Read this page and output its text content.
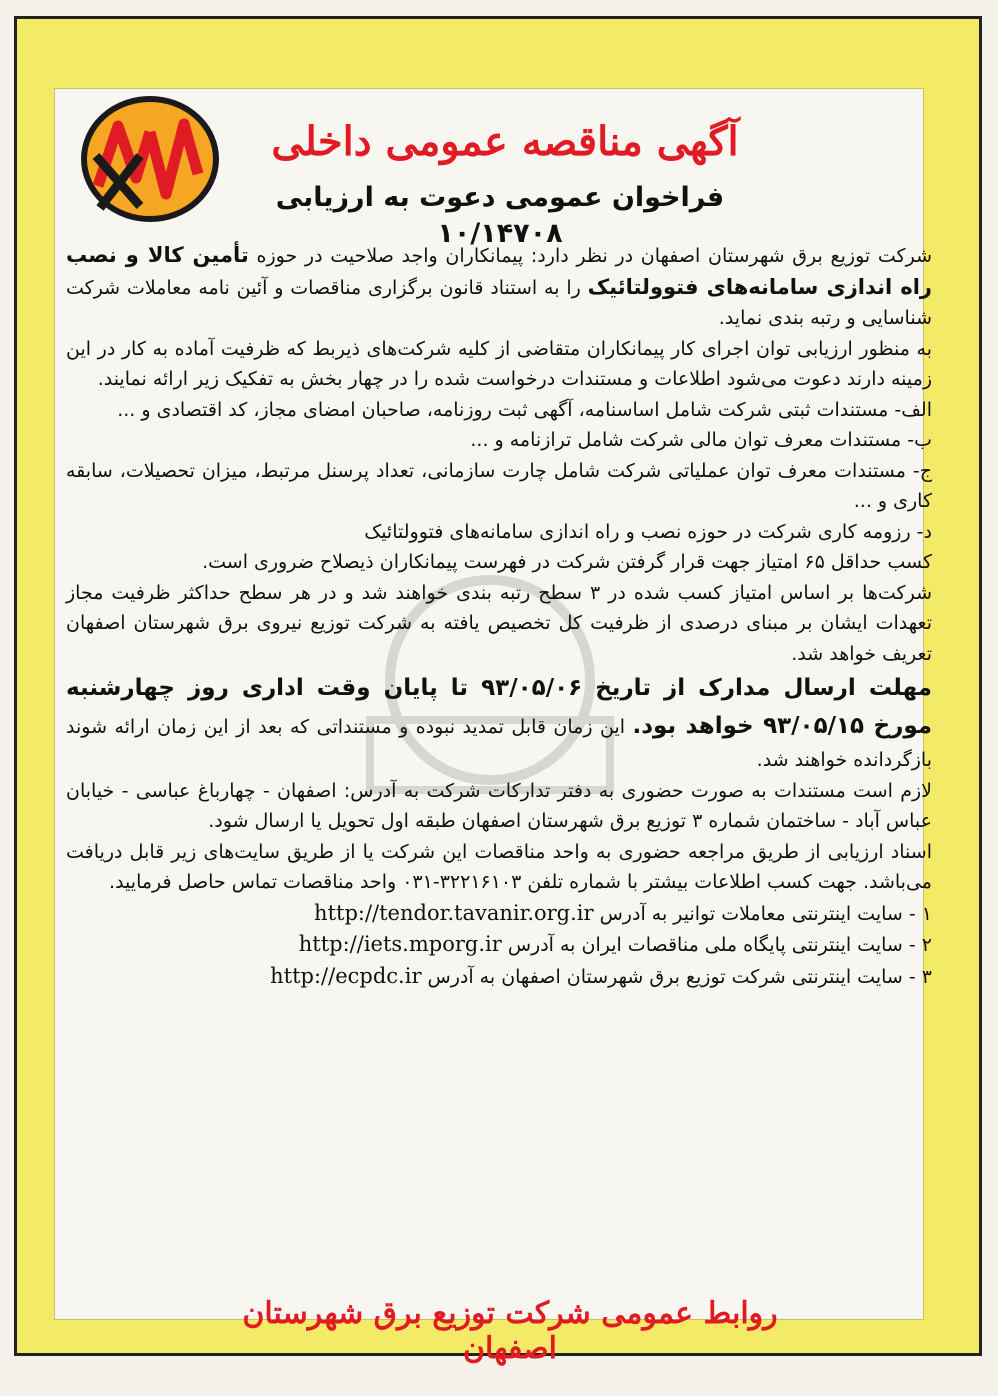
آگهی مناقصه عمومی داخلی
فراخوان عمومی دعوت به ارزیابی ۱۰/۱۴۷۰۸

شرکت توزیع برق شهرستان اصفهان در نظر دارد: پیمانکاران واجد صلاحیت در حوزه تأمین کالا و نصب راه اندازی سامانه‌های فتوولتائیک را به استناد قانون برگزاری مناقصات و آئین نامه معاملات شرکت شناسایی و رتبه بندی نماید.

به منظور ارزیابی توان اجرای کار پیمانکاران متقاضی از کلیه شرکت‌های ذیربط که ظرفیت آماده به کار در این زمینه دارند دعوت می‌شود اطلاعات و مستندات درخواست شده را در چهار بخش به تفکیک زیر ارائه نمایند.

الف- مستندات ثبتی شرکت شامل اساسنامه، آگهی ثبت روزنامه، صاحبان امضای مجاز، کد اقتصادی و ...

ب- مستندات معرف توان مالی شرکت شامل ترازنامه و ...

ج- مستندات معرف توان عملیاتی شرکت شامل چارت سازمانی، تعداد پرسنل مرتبط، میزان تحصیلات، سابقه کاری و ...

د- رزومه کاری شرکت در حوزه نصب و راه اندازی سامانه‌های فتوولتائیک

کسب حداقل ۶۵ امتیاز جهت قرار گرفتن شرکت در فهرست پیمانکاران ذیصلاح ضروری است.

شرکت‌ها بر اساس امتیاز کسب شده در ۳ سطح رتبه بندی خواهند شد و در هر سطح حداکثر ظرفیت مجاز تعهدات ایشان بر مبنای درصدی از ظرفیت کل تخصیص یافته به شرکت توزیع نیروی برق شهرستان اصفهان تعریف خواهد شد.

مهلت ارسال مدارک از تاریخ ۹۳/۰۵/۰۶ تا پایان وقت اداری روز چهارشنبه مورخ ۹۳/۰۵/۱۵ خواهد بود. این زمان قابل تمدید نبوده و مستنداتی که بعد از این زمان ارائه شوند بازگردانده خواهند شد.

لازم است مستندات به صورت حضوری به دفتر تدارکات شرکت به آدرس: اصفهان - چهارباغ عباسی - خیابان عباس آباد - ساختمان شماره ۳ توزیع برق شهرستان اصفهان طبقه اول تحویل یا ارسال شود.

اسناد ارزیابی از طریق مراجعه حضوری به واحد مناقصات این شرکت یا از طریق سایت‌های زیر قابل دریافت می‌باشد. جهت کسب اطلاعات بیشتر با شماره تلفن ۳۲۲۱۶۱۰۳-۰۳۱ واحد مناقصات تماس حاصل فرمایید.

۱ - سایت اینترنتی معاملات توانیر به آدرس http://tendor.tavanir.org.ir

۲ - سایت اینترنتی پایگاه ملی مناقصات ایران به آدرس http://iets.mporg.ir

۳ - سایت اینترنتی شرکت توزیع برق شهرستان اصفهان به آدرس http://ecpdc.ir

روابط عمومی شرکت توزیع برق شهرستان اصفهان
